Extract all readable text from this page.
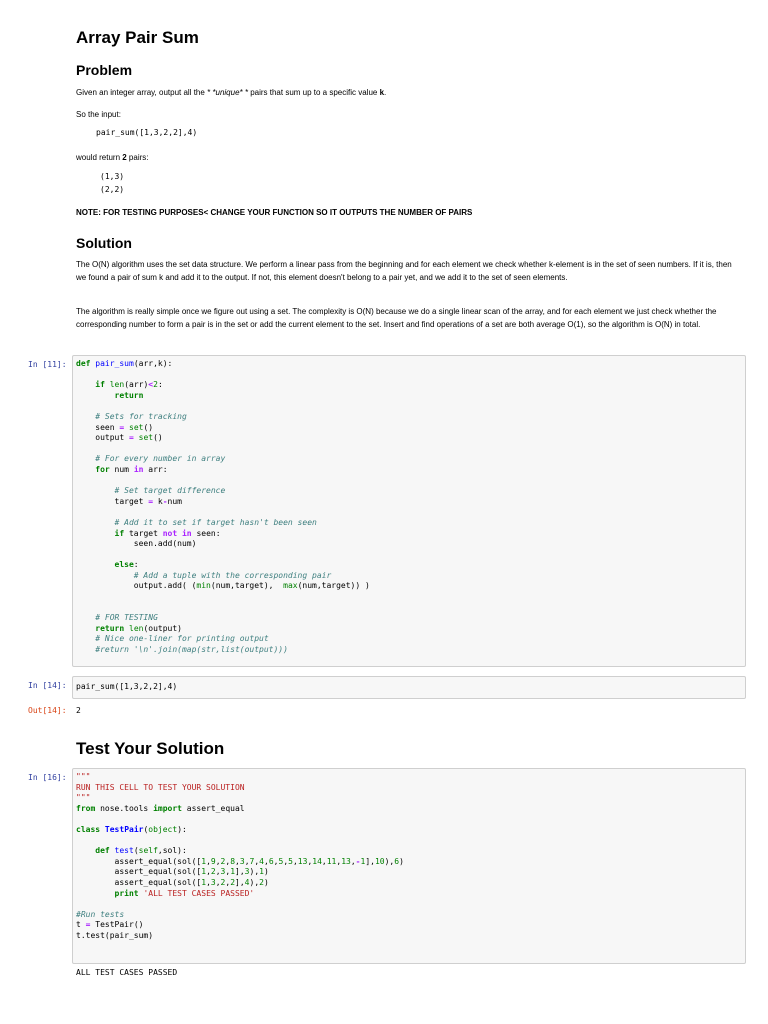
Array Pair Sum
Problem

Given an integer array, output all the * *unique* * pairs that sum up to a specific value k.

So the input:

pair_sum([1,3,2,2],4)

would return 2 pairs:

(1,3)
(2,2)

NOTE: FOR TESTING PURPOSES< CHANGE YOUR FUNCTION SO IT OUTPUTS THE NUMBER OF PAIRS

Solution

The O(N) algorithm uses the set data structure. We perform a linear pass from the beginning and for each element we check whether k-element is in the set of seen numbers. If it is, then we found a pair of sum k and add it to the output. If not, this element doesn't belong to a pair yet, and we add it to the set of seen elements.

The algorithm is really simple once we figure out using a set. The complexity is O(N) because we do a single linear scan of the array, and for each element we just check whether the corresponding number to form a pair is in the set or add the current element to the set. Insert and find operations of a set are both average O(1), so the algorithm is O(N) in total.

In [11]: def pair_sum(arr,k):

if len(arr)<2:
return

# Sets for tracking
seen = set()
output = set()

# For every number in array
for num in arr:

# Set target difference
target = k-num

# Add it to set if target hasn't been seen
if target not in seen:
seen.add(num)

else:
# Add a tuple with the corresponding pair
output.add( (min(num,target),  max(num,target)) )

# FOR TESTING
return len(output)
# Nice one-liner for printing output
#return '\n'.join(map(str,list(output)))
In [14]: pair_sum([1,3,2,2],4)
Out[14]: 2
Test Your Solution
In [16]: """
RUN THIS CELL TO TEST YOUR SOLUTION
"""
from nose.tools import assert_equal

class TestPair(object):

def test(self,sol):
assert_equal(sol([1,9,2,8,3,7,4,6,5,5,13,14,11,13,-1],10),6)
assert_equal(sol([1,2,3,1],3),1)
assert_equal(sol([1,3,2,2],4),2)
print 'ALL TEST CASES PASSED'

#Run tests
t = TestPair()
t.test(pair_sum)
ALL TEST CASES PASSED
